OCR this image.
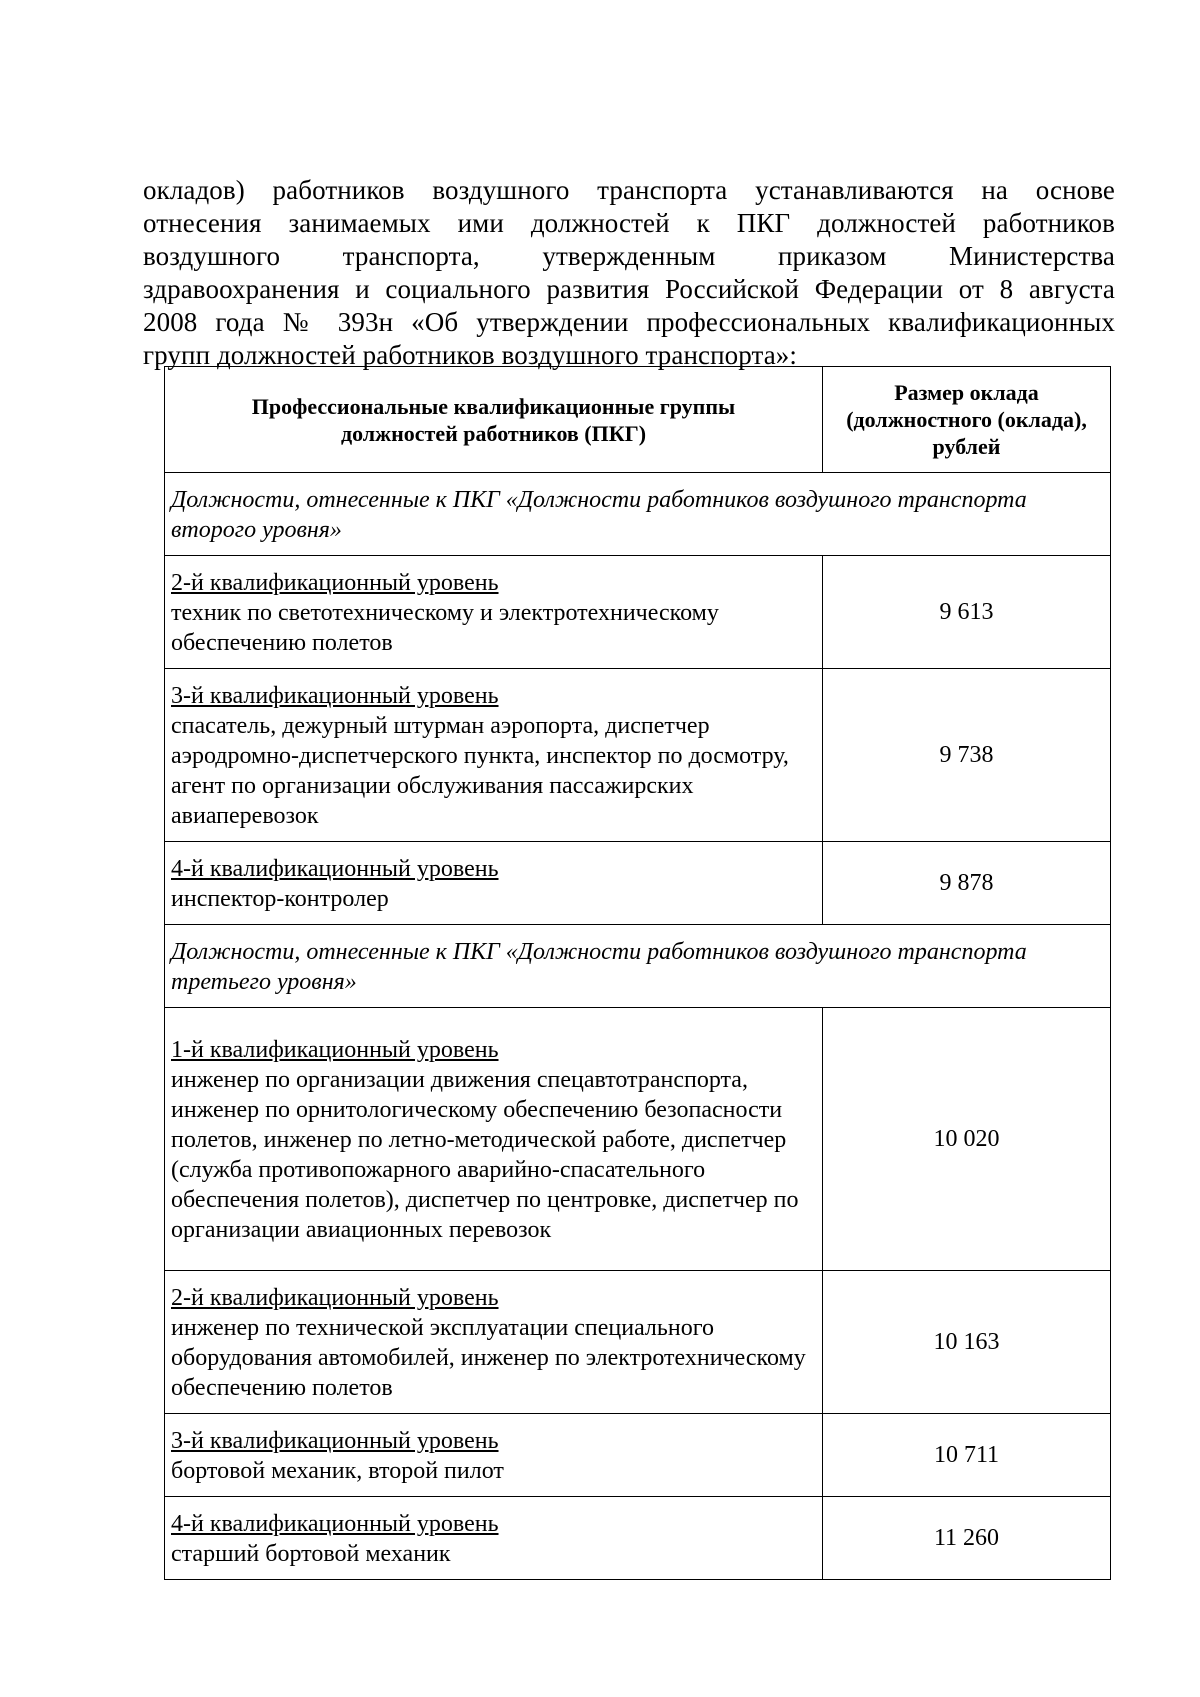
окладов) работников воздушного транспорта устанавливаются на основе
отнесения занимаемых ими должностей к ПКГ должностей работников
воздушного транспорта, утвержденным приказом Министерства
здравоохранения и социального развития Российской Федерации от 8 августа
2008 года № 393н «Об утверждении профессиональных квалификационных
групп должностей работников воздушного транспорта»:
Профессиональные квалификационные группы должностей работников (ПКГ)	Размер оклада
(должностного (оклада),
рублей

Должности, отнесенные к ПКГ «Должности работников воздушного транспорта второго уровня»	

2-й квалификационный уровень
техник по светотехническому и электротехническому обеспечению полетов	9 613

3-й квалификационный уровень
спасатель, дежурный штурман аэропорта, диспетчер аэродромно-диспетчерского пункта, инспектор по досмотру, агент по организации обслуживания пассажирских авиаперевозок	9 738

4-й квалификационный уровень
инспектор-контролер	9 878
Должности, отнесенные к ПКГ «Должности работников воздушного транспорта третьего уровня»	

1-й квалификационный уровень
инженер по организации движения спецавтотранспорта, инженер по орнитологическому обеспечению безопасности полетов, инженер по летно-методической работе, диспетчер (служба противопожарного аварийно-спасательного обеспечения полетов), диспетчер по центровке, диспетчер по организации авиационных перевозок	10 020

2-й квалификационный уровень
инженер по технической эксплуатации специального оборудования автомобилей, инженер по электротехническому обеспечению полетов	10 163

3-й квалификационный уровень
бортовой механик, второй пилот	10 711

4-й квалификационный уровень
старший бортовой механик	11 260
